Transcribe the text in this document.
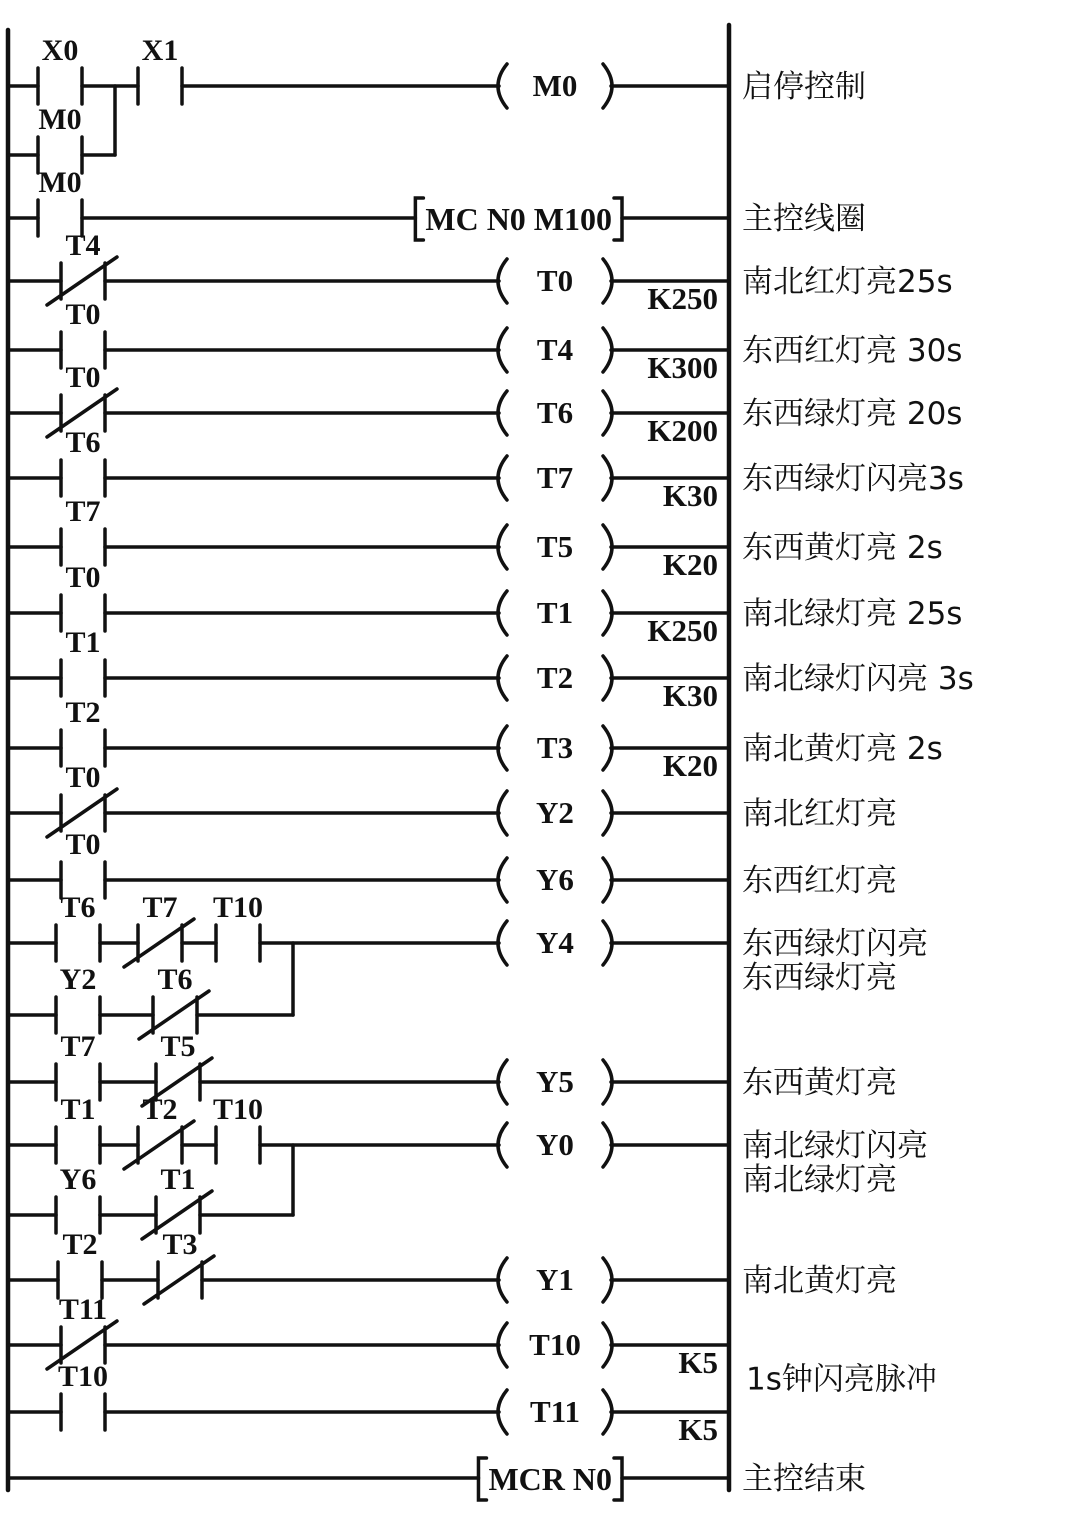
M0
X0 X1
M0
启停控制
MC N0 M100
M0
主控线圈
T0
T4
K250 南北红灯亮25s
T4
T0
K300 东西红灯亮 30s
T6
T0
K200 东西绿灯亮 20s
T7
T6
K30 东西绿灯闪亮3s
T5
T7
K20 东西黄灯亮 2s
T1
T0
K250 南北绿灯亮 25s
T2
T1
K30 南北绿灯闪亮 3s
T3
T2
K20 南北黄灯亮 2s
Y2
T0
南北红灯亮
Y6
T0
东西红灯亮
Y4
T6 T7 T10
Y2 T6
东西绿灯闪亮
东西绿灯亮
Y5
T7 T5
东西黄灯亮
Y0
T1 T2 T10
Y6 T1
南北绿灯闪亮
南北绿灯亮
Y1
T2 T3
南北黄灯亮
T10
T11
K5
T11
T10
K5
MCR N0	主控结束
1s钟闪亮脉冲
